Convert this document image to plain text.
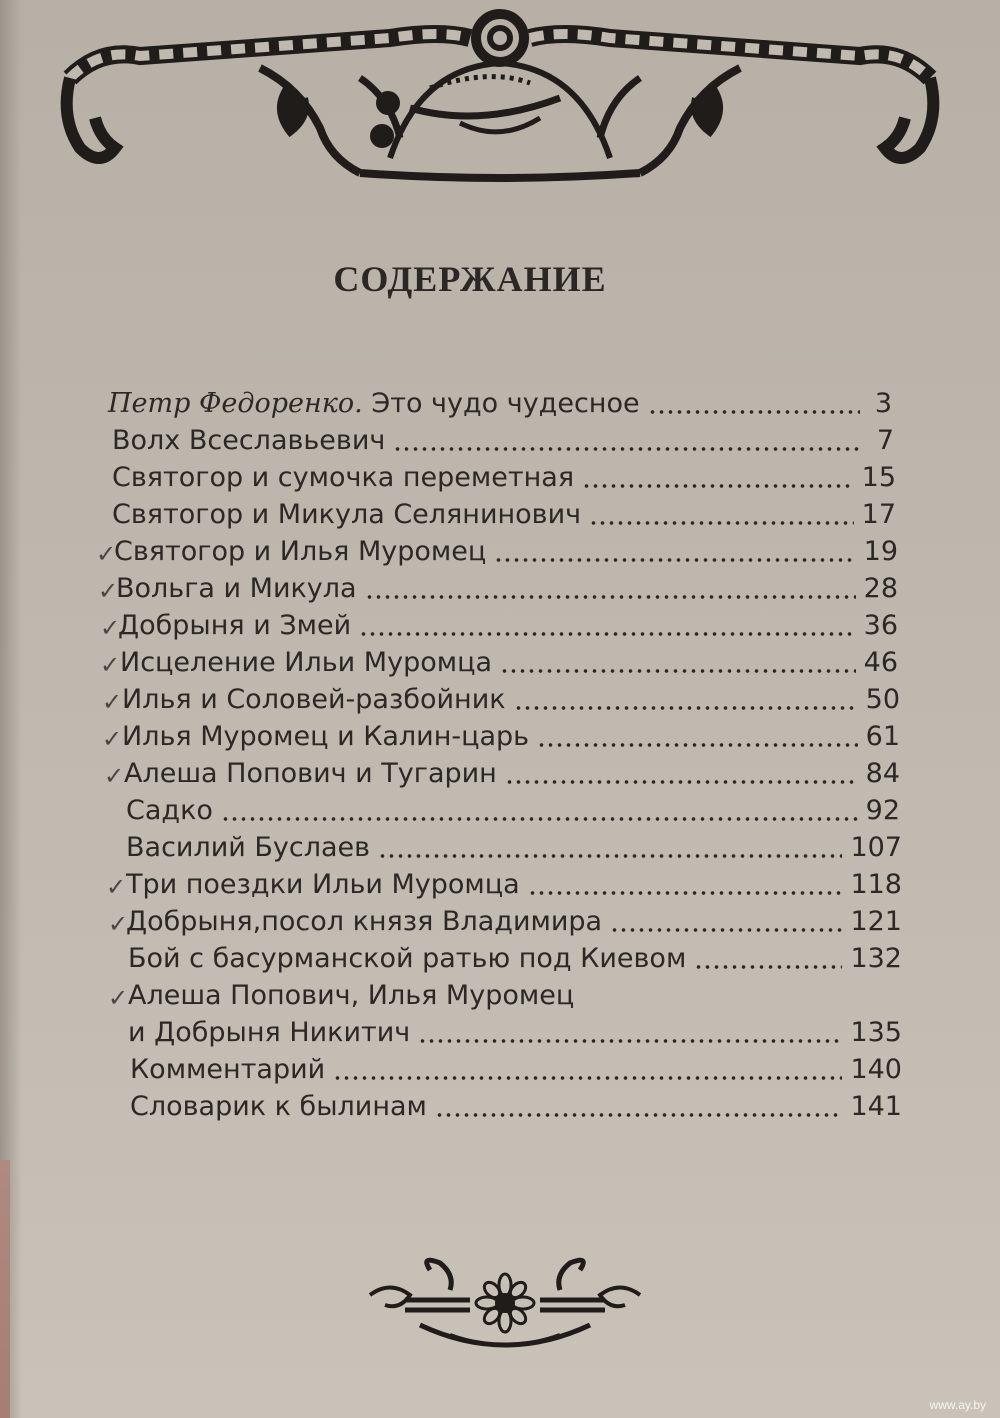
СОДЕРЖАНИЕ
Петр Федоренко. Это чудо чудесное	3
Волх Всеславьевич	7
Святогор и сумочка переметная	15
Святогор и Микула Селянинович	17
Святогор и Илья Муромец	19
Вольга и Микула	28
Добрыня и Змей	36
Исцеление Ильи Муромца	46
Илья и Соловей-разбойник	50
Илья Муромец и Калин-царь	61
Алеша Попович и Тугарин	84
Садко	92
Василий Буслаев	107
Три поездки Ильи Муромца	118
Добрыня,посол князя Владимира	121
Бой с басурманской ратью под Киевом	132
Алеша Попович, Илья Муромец
и Добрыня Никитич	135
Комментарий	140
Словарик к былинам	141
✓
✓
✓
✓
✓
✓
✓
✓
✓
✓
www.ay.by
